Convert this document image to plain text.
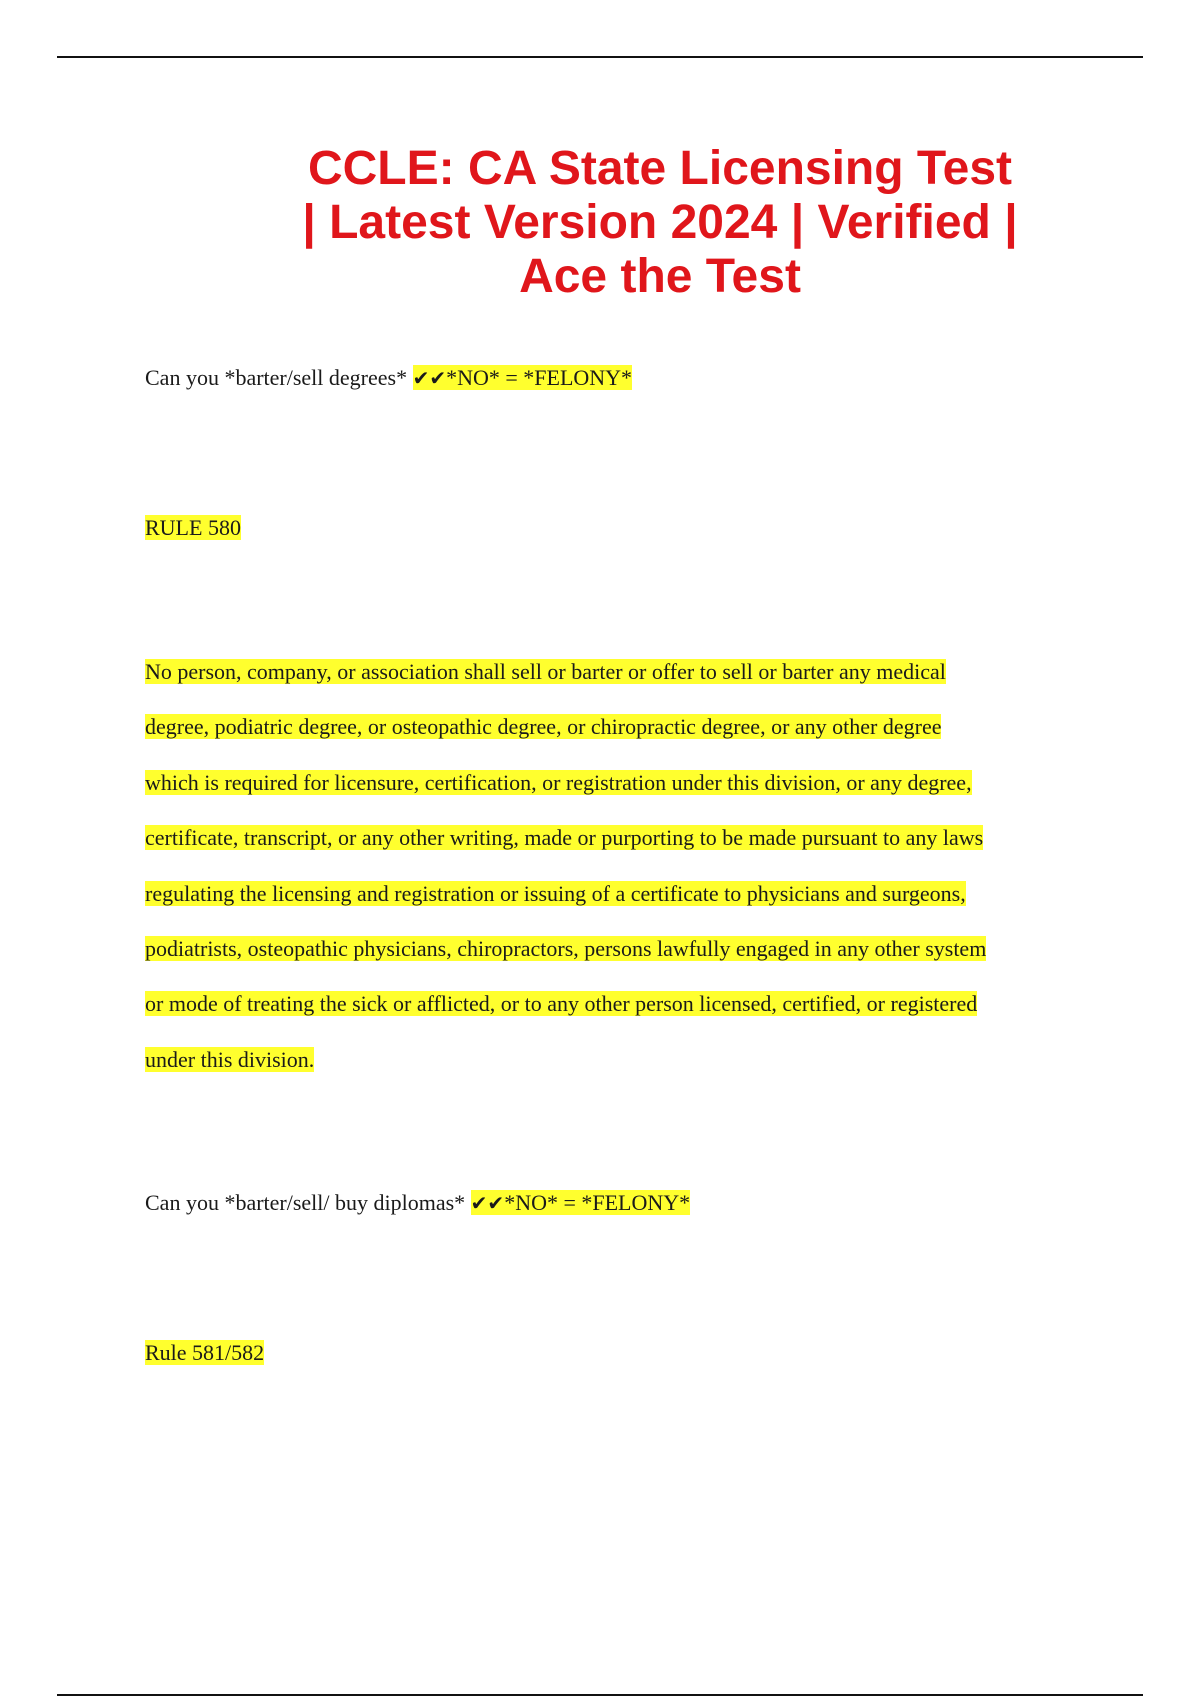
CCLE: CA State Licensing Test
| Latest Version 2024 | Verified |
Ace the Test

Can you *barter/sell degrees* ✔✔*NO* = *FELONY*

RULE 580

No person, company, or association shall sell or barter or offer to sell or barter any medical
degree, podiatric degree, or osteopathic degree, or chiropractic degree, or any other degree
which is required for licensure, certification, or registration under this division, or any degree,
certificate, transcript, or any other writing, made or purporting to be made pursuant to any laws
regulating the licensing and registration or issuing of a certificate to physicians and surgeons,
podiatrists, osteopathic physicians, chiropractors, persons lawfully engaged in any other system
or mode of treating the sick or afflicted, or to any other person licensed, certified, or registered
under this division.

Can you *barter/sell/ buy diplomas* ✔✔*NO* = *FELONY*

Rule 581/582
